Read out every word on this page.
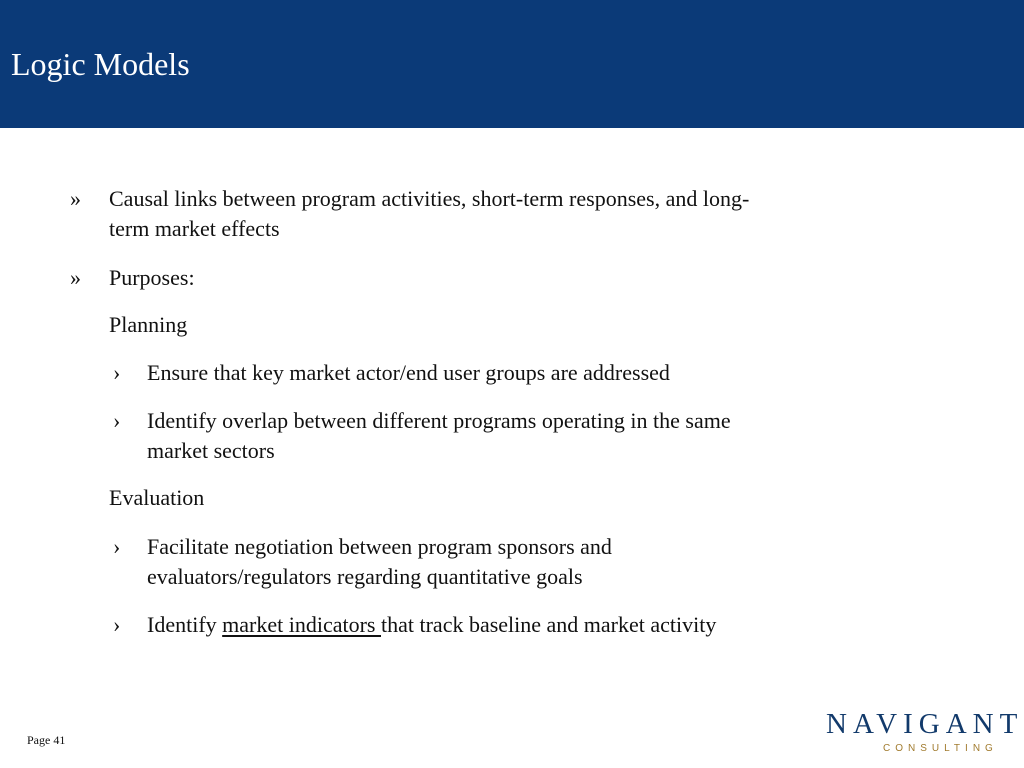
Logic Models
» Causal links between program activities, short-term responses, and long-
term market effects
» Purposes:
Planning
› Ensure that key market actor/end user groups are addressed
› Identify overlap between different programs operating in the same
market sectors
Evaluation
› Facilitate negotiation between program sponsors and
evaluators/regulators regarding quantitative goals
› Identify market indicators that track baseline and market activity
Page 41	NAVIGANT
CONSULTING
